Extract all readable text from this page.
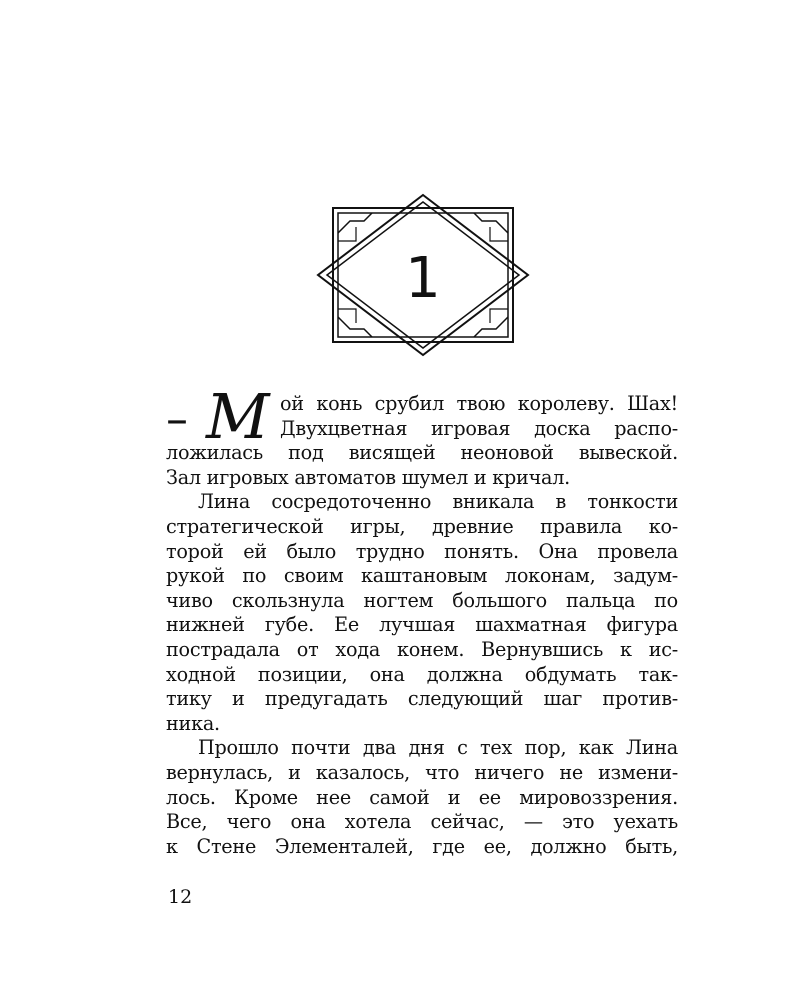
1
– М ой конь срубил твою королеву. Шах!
Двухцветная игровая доска распо-
ложилась под висящей неоновой вывеской.
Зал игровых автоматов шумел и кричал.
Лина сосредоточенно вникала в тонкости
стратегической игры, древние правила ко-
торой ей было трудно понять. Она провела
рукой по своим каштановым локонам, задум-
чиво скользнула ногтем большого пальца по
нижней губе. Ее лучшая шахматная фигура
пострадала от хода конем. Вернувшись к ис-
ходной позиции, она должна обдумать так-
тику и предугадать следующий шаг против-
ника.
Прошло почти два дня с тех пор, как Лина
вернулась, и казалось, что ничего не измени-
лось. Кроме нее самой и ее мировоззрения.
Все, чего она хотела сейчас, — это уехать
к Стене Элементалей, где ее, должно быть,
12
